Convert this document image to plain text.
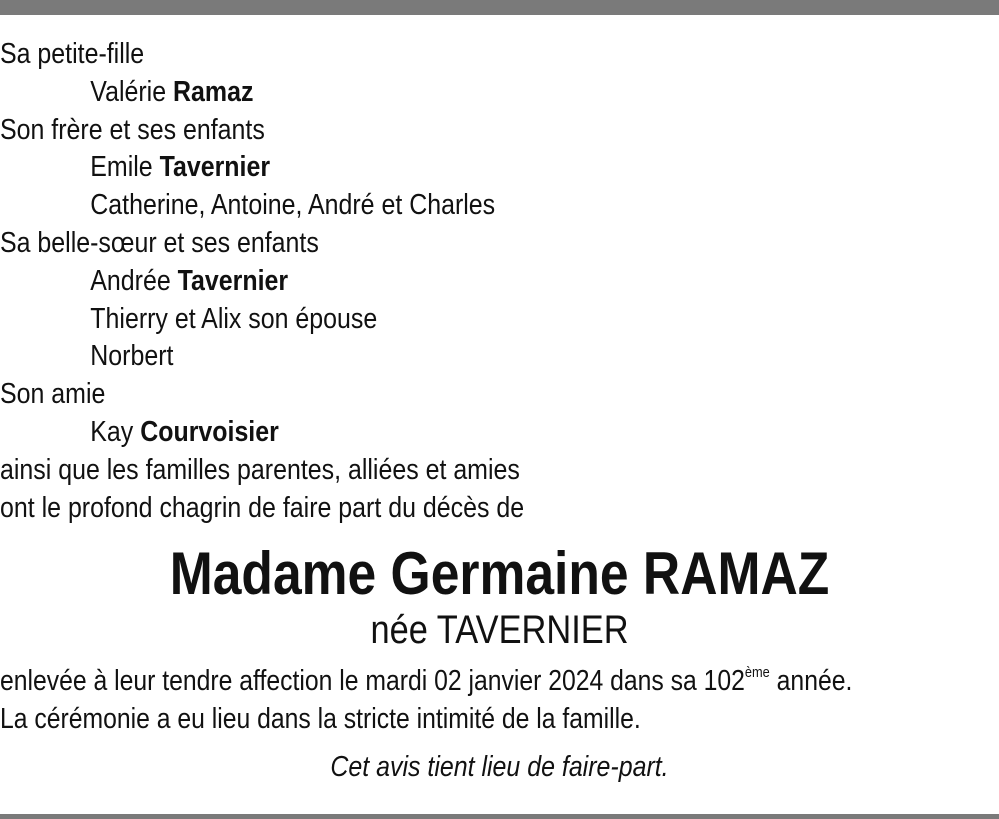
Sa petite-fille
Valérie Ramaz
Son frère et ses enfants
Emile Tavernier
Catherine, Antoine, André et Charles
Sa belle-sœur et ses enfants
Andrée Tavernier
Thierry et Alix son épouse
Norbert
Son amie
Kay Courvoisier
ainsi que les familles parentes, alliées et amies
ont le profond chagrin de faire part du décès de
Madame Germaine RAMAZ
née TAVERNIER
enlevée à leur tendre affection le mardi 02 janvier 2024 dans sa 102ème année.
La cérémonie a eu lieu dans la stricte intimité de la famille.
Cet avis tient lieu de faire-part.
